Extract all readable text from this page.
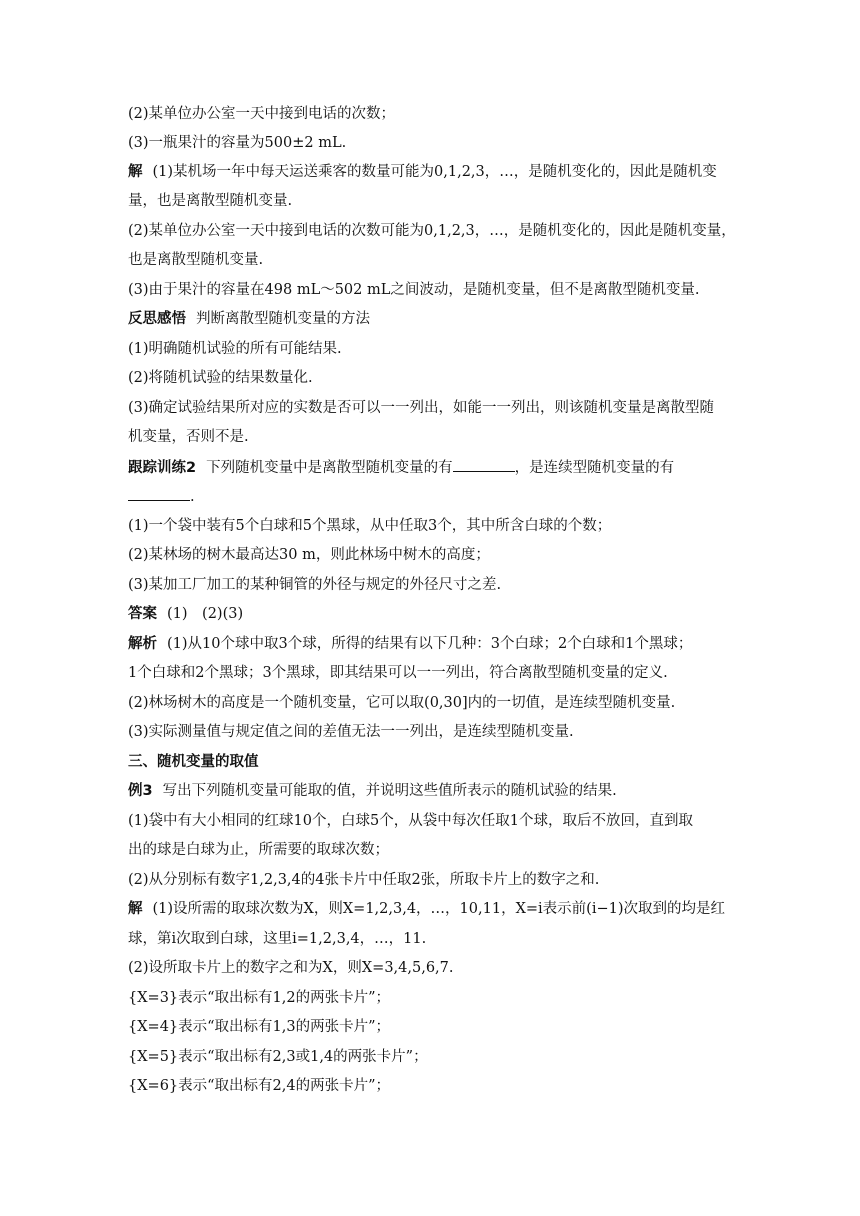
(2)某单位办公室一天中接到电话的次数；
(3)一瓶果汁的容量为500±2 mL.
解 (1)某机场一年中每天运送乘客的数量可能为0,1,2,3，…，是随机变化的，因此是随机变
量，也是离散型随机变量.
(2)某单位办公室一天中接到电话的次数可能为0,1,2,3，…，是随机变化的，因此是随机变量，
也是离散型随机变量.
(3)由于果汁的容量在498 mL～502 mL之间波动，是随机变量，但不是离散型随机变量.
反思感悟 判断离散型随机变量的方法
(1)明确随机试验的所有可能结果.
(2)将随机试验的结果数量化.
(3)确定试验结果所对应的实数是否可以一一列出，如能一一列出，则该随机变量是离散型随
机变量，否则不是.
跟踪训练2 下列随机变量中是离散型随机变量的有	，是连续型随机变量的有
.
(1)一个袋中装有5个白球和5个黑球，从中任取3个，其中所含白球的个数；
(2)某林场的树木最高达30 m，则此林场中树木的高度；
(3)某加工厂加工的某种铜管的外径与规定的外径尺寸之差.
答案 (1)　(2)(3)
解析 (1)从10个球中取3个球，所得的结果有以下几种：3个白球；2个白球和1个黑球；
1个白球和2个黑球；3个黑球，即其结果可以一一列出，符合离散型随机变量的定义.
(2)林场树木的高度是一个随机变量，它可以取(0,30]内的一切值，是连续型随机变量.
(3)实际测量值与规定值之间的差值无法一一列出，是连续型随机变量.
三、随机变量的取值
例3 写出下列随机变量可能取的值，并说明这些值所表示的随机试验的结果.
(1)袋中有大小相同的红球10个，白球5个，从袋中每次任取1个球，取后不放回，直到取
出的球是白球为止，所需要的取球次数；
(2)从分别标有数字1,2,3,4的4张卡片中任取2张，所取卡片上的数字之和.
解 (1)设所需的取球次数为X，则X=1,2,3,4，…，10,11，X=i表示前(i−1)次取到的均是红
球，第i次取到白球，这里i=1,2,3,4，…，11.
(2)设所取卡片上的数字之和为X，则X=3,4,5,6,7.
{X=3}表示“取出标有1,2的两张卡片”；
{X=4}表示“取出标有1,3的两张卡片”；
{X=5}表示“取出标有2,3或1,4的两张卡片”；
{X=6}表示“取出标有2,4的两张卡片”；
